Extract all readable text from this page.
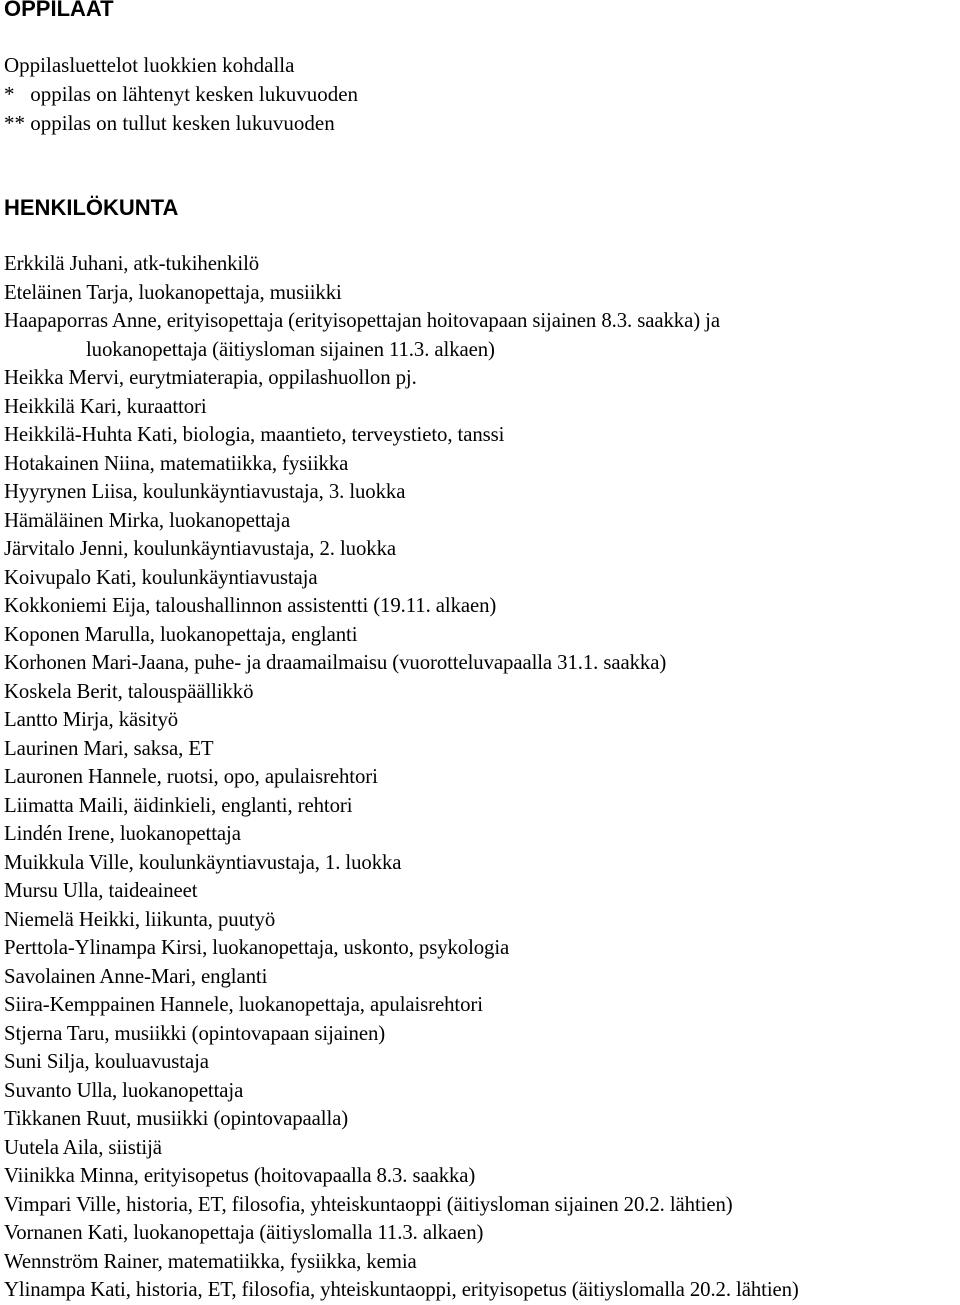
OPPILAAT
Oppilasluettelot luokkien kohdalla
*   oppilas on lähtenyt kesken lukuvuoden
** oppilas on tullut kesken lukuvuoden
HENKILÖKUNTA
Erkkilä Juhani, atk-tukihenkilö
Eteläinen Tarja, luokanopettaja, musiikki
Haapaporras Anne, erityisopettaja (erityisopettajan hoitovapaan sijainen 8.3. saakka) ja
luokanopettaja (äitiysloman sijainen 11.3. alkaen)
Heikka Mervi, eurytmiaterapia, oppilashuollon pj.
Heikkilä Kari, kuraattori
Heikkilä-Huhta Kati, biologia, maantieto, terveystieto, tanssi
Hotakainen Niina, matematiikka, fysiikka
Hyyrynen Liisa, koulunkäyntiavustaja, 3. luokka
Hämäläinen Mirka, luokanopettaja
Järvitalo Jenni, koulunkäyntiavustaja, 2. luokka
Koivupalo Kati, koulunkäyntiavustaja
Kokkoniemi Eija, taloushallinnon assistentti (19.11. alkaen)
Koponen Marulla, luokanopettaja, englanti
Korhonen Mari-Jaana, puhe- ja draamailmaisu (vuorotteluvapaalla 31.1. saakka)
Koskela Berit, talouspäällikkö
Lantto Mirja, käsityö
Laurinen Mari, saksa, ET
Lauronen Hannele, ruotsi, opo, apulaisrehtori
Liimatta Maili, äidinkieli, englanti, rehtori
Lindén Irene, luokanopettaja
Muikkula Ville, koulunkäyntiavustaja, 1. luokka
Mursu Ulla, taideaineet
Niemelä Heikki, liikunta, puutyö
Perttola-Ylinampa Kirsi, luokanopettaja, uskonto, psykologia
Savolainen Anne-Mari, englanti
Siira-Kemppainen Hannele, luokanopettaja, apulaisrehtori
Stjerna Taru, musiikki (opintovapaan sijainen)
Suni Silja, kouluavustaja
Suvanto Ulla, luokanopettaja
Tikkanen Ruut, musiikki (opintovapaalla)
Uutela Aila, siistijä
Viinikka Minna, erityisopetus (hoitovapaalla 8.3. saakka)
Vimpari Ville, historia, ET, filosofia, yhteiskuntaoppi (äitiysloman sijainen 20.2. lähtien)
Vornanen Kati, luokanopettaja (äitiyslomalla 11.3. alkaen)
Wennström Rainer, matematiikka, fysiikka, kemia
Ylinampa Kati, historia, ET, filosofia, yhteiskuntaoppi, erityisopetus (äitiyslomalla 20.2. lähtien)
